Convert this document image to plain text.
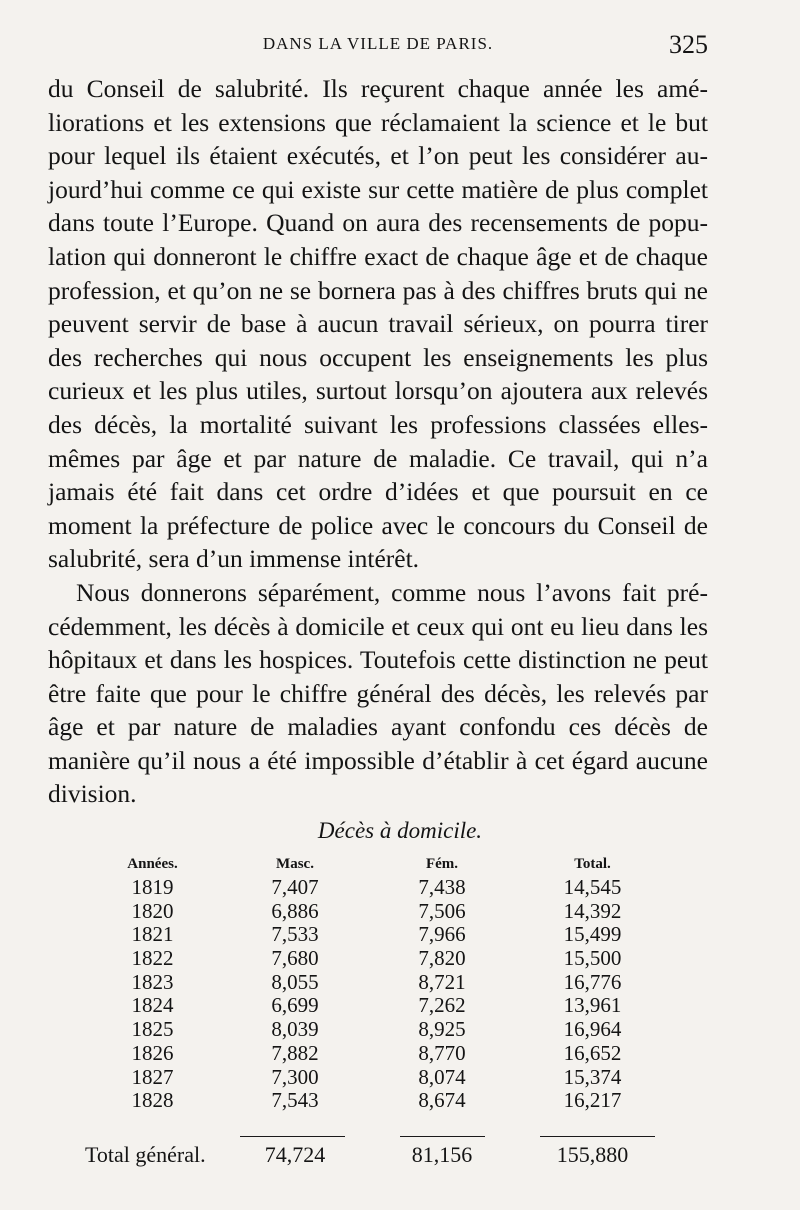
DANS LA VILLE DE PARIS.	325

du Conseil de salubrité. Ils reçurent chaque année les améliorations et les extensions que réclamaient la science et le but pour lequel ils étaient exécutés, et l’on peut les considérer aujourd’hui comme ce qui existe sur cette matière de plus complet dans toute l’Europe. Quand on aura des recensements de population qui donneront le chiffre exact de chaque âge et de chaque profession, et qu’on ne se bornera pas à des chiffres bruts qui ne peuvent servir de base à aucun travail sérieux, on pourra tirer des recherches qui nous occupent les enseignements les plus curieux et les plus utiles, surtout lorsqu’on ajoutera aux relevés des décès, la mortalité suivant les professions classées elles-mêmes par âge et par nature de maladie. Ce travail, qui n’a jamais été fait dans cet ordre d’idées et que poursuit en ce moment la préfecture de police avec le concours du Conseil de salubrité, sera d’un immense intérêt.

Nous donnerons séparément, comme nous l’avons fait précédemment, les décès à domicile et ceux qui ont eu lieu dans les hôpitaux et dans les hospices. Toutefois cette distinction ne peut être faite que pour le chiffre général des décès, les relevés par âge et par nature de maladies ayant confondu ces décès de manière qu’il nous a été impossible d’établir à cet égard aucune division.

Décès à domicile.
Années.	Masc.	Fém.	Total.
1819	7,407	7,438	14,545
1820	6,886	7,506	14,392
1821	7,533	7,966	15,499
1822	7,680	7,820	15,500
1823	8,055	8,721	16,776
1824	6,699	7,262	13,961
1825	8,039	8,925	16,964
1826	7,882	8,770	16,652
1827	7,300	8,074	15,374
1828	7,543	8,674	16,217
Total général.	74,724	81,156	155,880
